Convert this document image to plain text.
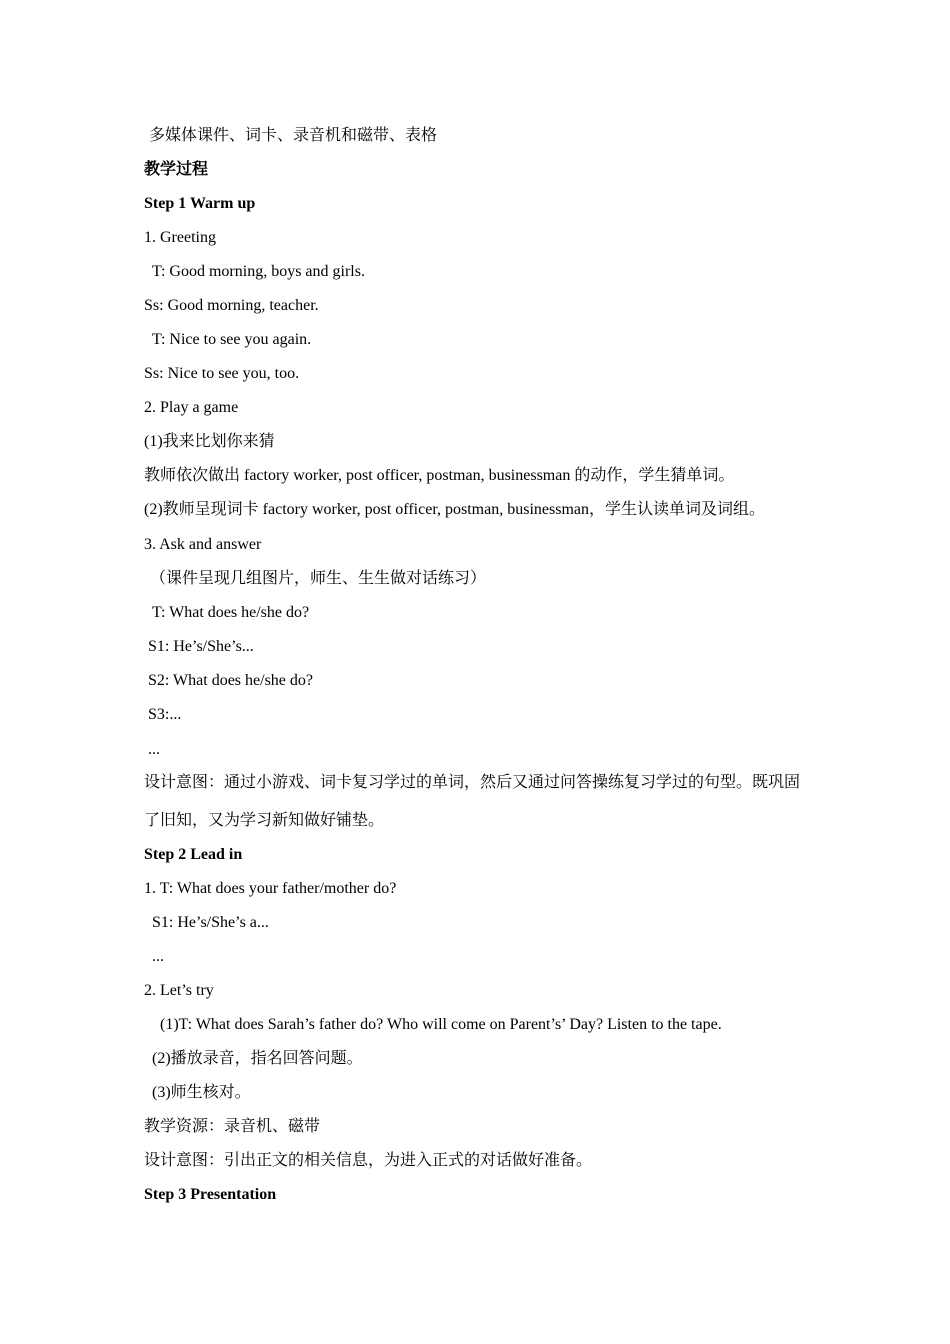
多媒体课件、词卡、录音机和磁带、表格
教学过程
Step 1 Warm up
1. Greeting
T: Good morning, boys and girls.
Ss: Good morning, teacher.
T: Nice to see you again.
Ss: Nice to see you, too.
2. Play a game
(1)我来比划你来猜
教师依次做出 factory worker, post officer, postman, businessman 的动作，学生猜单词。
(2)教师呈现词卡 factory worker, post officer, postman, businessman，学生认读单词及词组。
3. Ask and answer
（课件呈现几组图片，师生、生生做对话练习）
T: What does he/she do?
S1: He’s/She’s...
S2: What does he/she do?
S3:...
...
设计意图：通过小游戏、词卡复习学过的单词，然后又通过问答操练复习学过的句型。既巩固
了旧知，又为学习新知做好铺垫。
Step 2 Lead in
1. T: What does your father/mother do?
S1: He’s/She’s a...
...
2. Let’s try
(1)T: What does Sarah’s father do? Who will come on Parent’s’ Day? Listen to the tape.
(2)播放录音，指名回答问题。
(3)师生核对。
教学资源：录音机、磁带
设计意图：引出正文的相关信息，为进入正式的对话做好准备。
Step 3 Presentation
